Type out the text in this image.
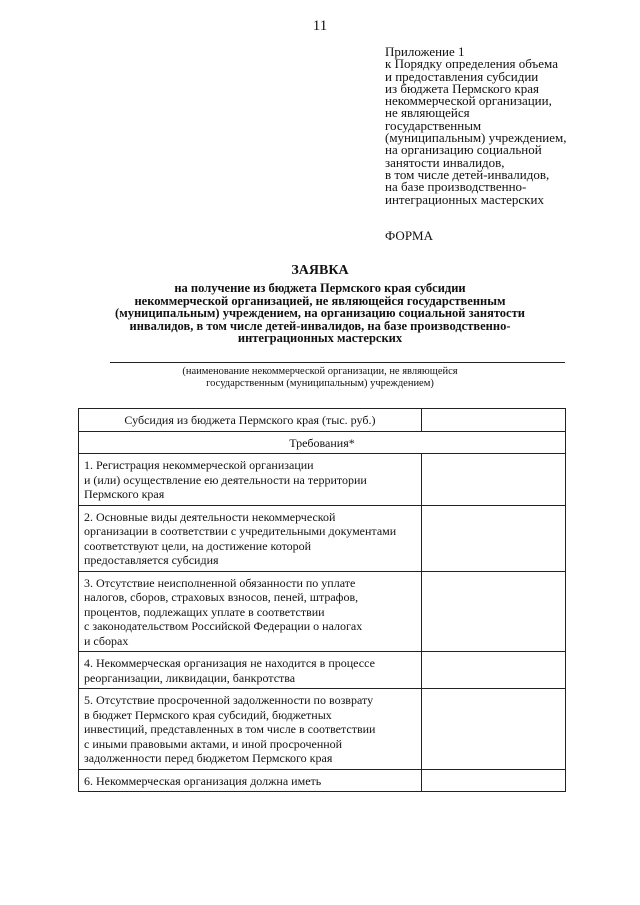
11
Приложение 1
к Порядку определения объема
и предоставления субсидии
из бюджета Пермского края
некоммерческой организации,
не являющейся
государственным
(муниципальным) учреждением,
на организацию социальной
занятости инвалидов,
в том числе детей-инвалидов,
на базе производственно-
интеграционных мастерских
ФОРМА
ЗАЯВКА
на получение из бюджета Пермского края субсидии
некоммерческой организацией, не являющейся государственным
(муниципальным) учреждением, на организацию социальной занятости
инвалидов, в том числе детей-инвалидов, на базе производственно-
интеграционных мастерских
(наименование некоммерческой организации, не являющейся
государственным (муниципальным) учреждением)
Субсидия из бюджета Пермского края (тыс. руб.)	

Требования*	

1. Регистрация некоммерческой организации
и (или) осуществление ею деятельности на территории
Пермского края	

2. Основные виды деятельности некоммерческой
организации в соответствии с учредительными документами
соответствуют цели, на достижение которой
предоставляется субсидия	

3. Отсутствие неисполненной обязанности по уплате
налогов, сборов, страховых взносов, пеней, штрафов,
процентов, подлежащих уплате в соответствии
с законодательством Российской Федерации о налогах
и сборах	

4. Некоммерческая организация не находится в процессе
реорганизации, ликвидации, банкротства	

5. Отсутствие просроченной задолженности по возврату
в бюджет Пермского края субсидий, бюджетных
инвестиций, представленных в том числе в соответствии
с иными правовыми актами, и иной просроченной
задолженности перед бюджетом Пермского края	

6. Некоммерческая организация должна иметь	
